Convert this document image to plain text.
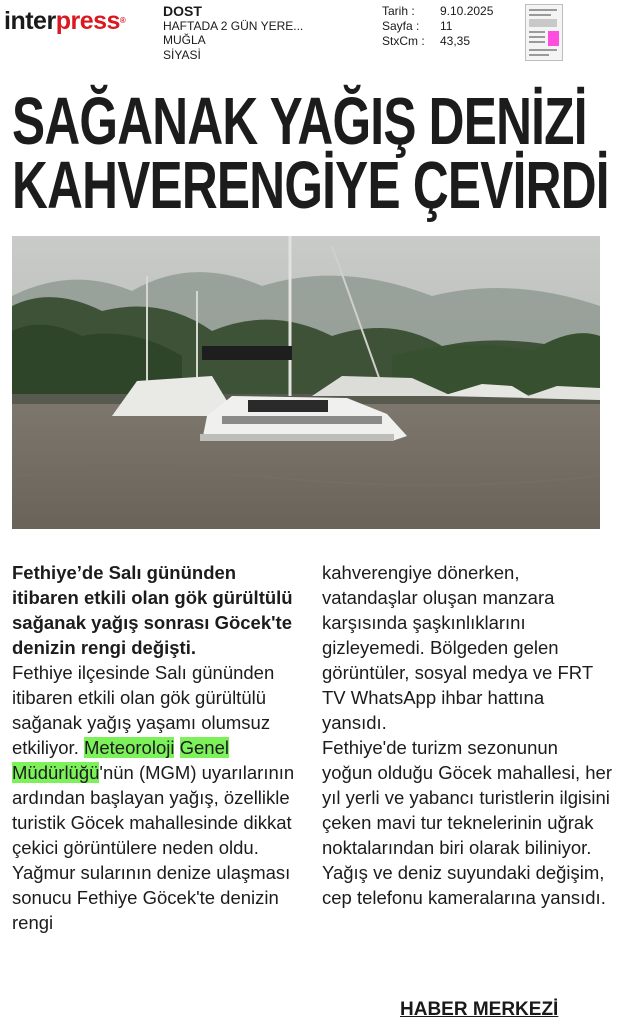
interpress®
DOST
HAFTADA 2 GÜN YERE...
MUĞLA
SİYASİ
Tarih :	9.10.2025
Sayfa :	11
StxCm :	43,35
SAĞANAK YAĞIŞ DENİZİ
KAHVERENGİYE ÇEVİRDİ

Fethiye’de Salı gününden itibaren etkili olan gök gürültülü sağanak yağış sonrası Göcek'te denizin rengi değişti.

Fethiye ilçesinde Salı gününden itibaren etkili olan gök gürültülü sağanak yağış yaşamı olumsuz etkiliyor. Meteoroloji Genel Müdürlüğü'nün (MGM) uyarılarının ardından başlayan yağış, özellikle turistik Göcek mahallesinde dikkat çekici görüntülere neden oldu. Yağmur sularının denize ulaşması sonucu Fethiye Göcek'te denizin rengi

kahverengiye dönerken, vatandaşlar oluşan manzara karşısında şaşkınlıklarını gizleyemedi. Bölgeden gelen görüntüler, sosyal medya ve FRT TV WhatsApp ihbar hattına yansıdı.

Fethiye'de turizm sezonunun yoğun olduğu Göcek mahallesi, her yıl yerli ve yabancı turistlerin ilgisini çeken mavi tur teknelerinin uğrak noktalarından biri olarak biliniyor. Yağış ve deniz suyundaki değişim, cep telefonu kameralarına yansıdı.

HABER MERKEZİ
